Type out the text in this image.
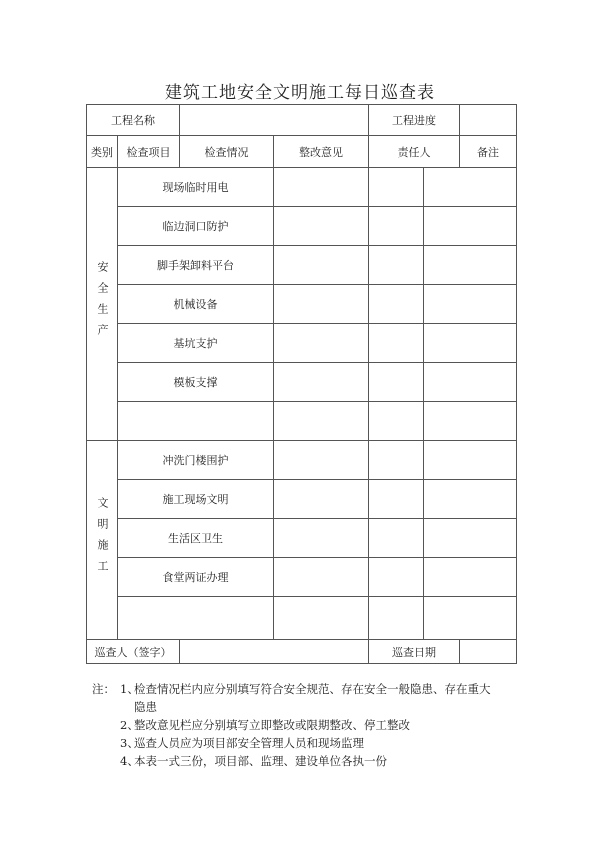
建筑工地安全文明施工每日巡查表
工程名称				工程进度			
类别	检查项目	检查情况	整改意见	责任人		备注	
安全生产	现场临时用电						
	临边洞口防护						
	脚手架卸料平台						
	机械设备						
	基坑支护						
	模板支撑						

文明施工	冲洗门楼围护						
	施工现场文明						
	生活区卫生						
	食堂两证办理						

巡查人（签字）				巡查日期			
注： 1、
检查情况栏内应分别填写符合安全规范、存在安全一般隐患、存在重大
隐患
2、
整改意见栏应分别填写立即整改或限期整改、停工整改
3、
巡查人员应为项目部安全管理人员和现场监理
4、
本表一式三份，项目部、监理、建设单位各执一份
